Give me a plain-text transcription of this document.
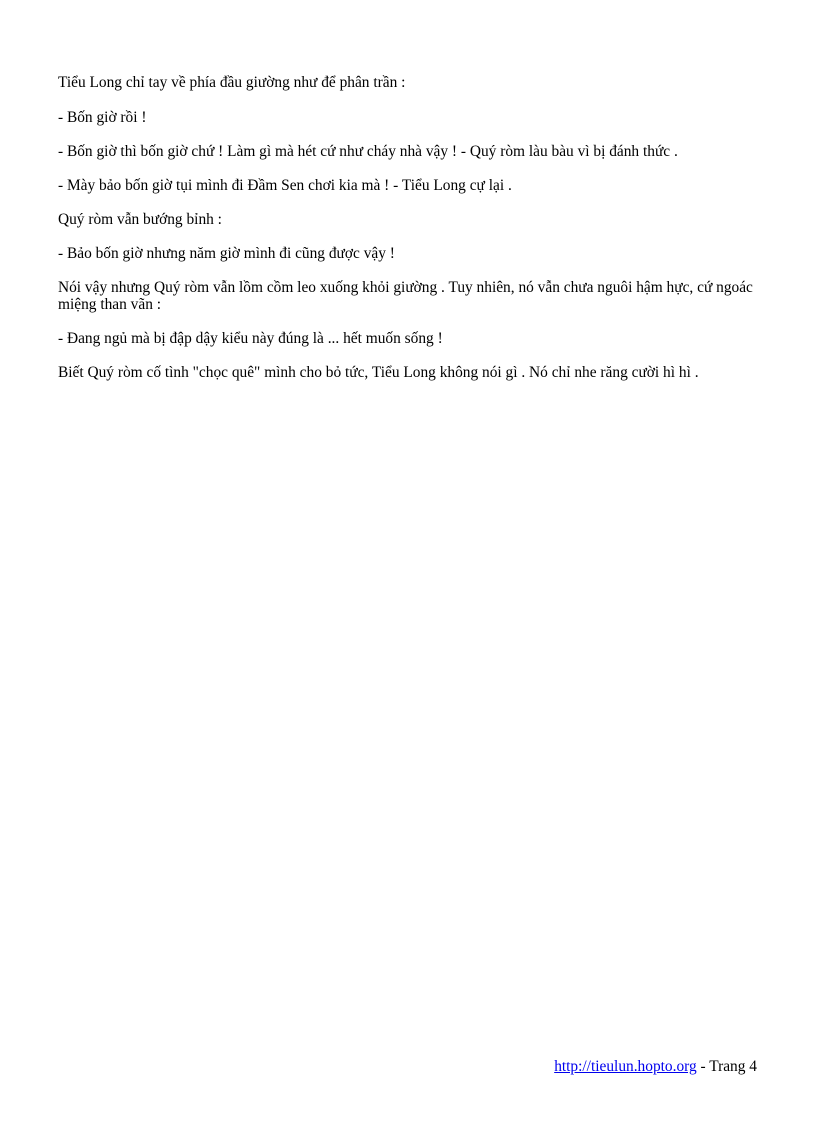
Tiểu Long chỉ tay về phía đầu giường như để phân trần :

- Bốn giờ rồi !

- Bốn giờ thì bốn giờ chứ ! Làm gì mà hét cứ như cháy nhà vậy ! - Quý ròm làu bàu vì bị đánh thức .

- Mày bảo bốn giờ tụi mình đi Đầm Sen chơi kia mà ! - Tiểu Long cự lại .

Quý ròm vẫn bướng bỉnh :

- Bảo bốn giờ nhưng năm giờ mình đi cũng được vậy !

Nói vậy nhưng Quý ròm vẫn lồm cồm leo xuống khỏi giường . Tuy nhiên, nó vẫn chưa nguôi hậm hực, cứ ngoác miệng than vãn :

- Đang ngủ mà bị đập dậy kiểu này đúng là ... hết muốn sống !

Biết Quý ròm cố tình "chọc quê" mình cho bỏ tức, Tiểu Long không nói gì . Nó chỉ nhe răng cười hì hì .

http://tieulun.hopto.org - Trang 4
